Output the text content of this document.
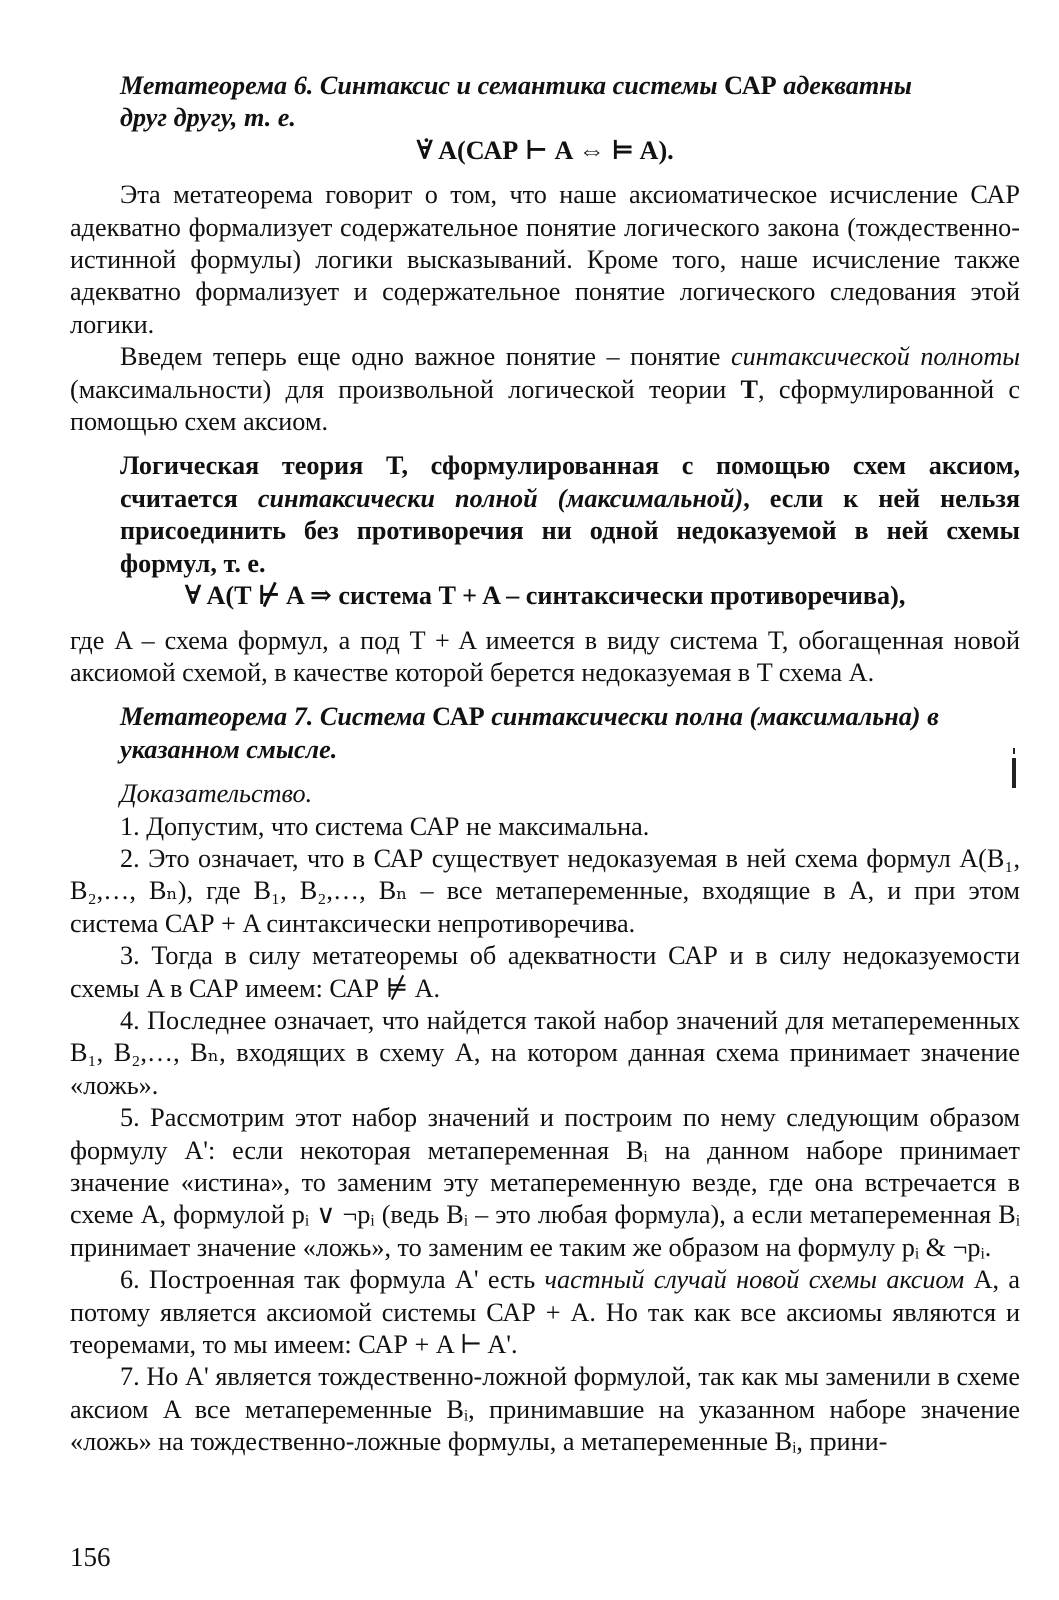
Метатеорема 6. Синтаксис и семантика системы САР адекватны
друг другу, т. е.

∀̇ A(САР ⊢ A ⇔ ⊨ A).

Эта метатеорема говорит о том, что наше аксиоматическое исчисление САР адекватно формализует содержательное понятие логического закона (тождественно-истинной формулы) логики высказываний. Кроме того, наше исчисление также адекватно формализует и содержательное понятие логического следования этой логики.

Введем теперь еще одно важное понятие – понятие синтаксической полноты (максимальности) для произвольной логической теории T, сформулированной с помощью схем аксиом.

Логическая теория T, сформулированная с помощью схем аксиом, считается синтаксически полной (максимальной), если к ней нельзя присоединить без противоречия ни одной недоказуемой в ней схемы формул, т. е.

∀ A(T ⊬ A ⇒ система T + A – синтаксически противоречива),

где A – схема формул, а под T + A имеется в виду система T, обогащенная новой аксиомой схемой, в качестве которой берется недоказуемая в T схема A.

Метатеорема 7. Система САР синтаксически полна (максимальна) в указанном смысле.

Доказательство.

1. Допустим, что система САР не максимальна.

2. Это означает, что в САР существует недоказуемая в ней схема формул A(B₁, B₂,…, Bₙ), где B₁, B₂,…, Bₙ – все метапеременные, входящие в A, и при этом система САР + A синтаксически непротиворечива.

3. Тогда в силу метатеоремы об адекватности САР и в силу недоказуемости схемы A в САР имеем: САР ⊭ A.

4. Последнее означает, что найдется такой набор значений для метапеременных B₁, B₂,…, Bₙ, входящих в схему A, на котором данная схема принимает значение «ложь».

5. Рассмотрим этот набор значений и построим по нему следующим образом формулу A': если некоторая метапеременная Bᵢ на данном наборе принимает значение «истина», то заменим эту метапеременную везде, где она встречается в схеме A, формулой pᵢ ∨ ¬pᵢ (ведь Bᵢ – это любая формула), а если метапеременная Bᵢ принимает значение «ложь», то заменим ее таким же образом на формулу pᵢ & ¬pᵢ.

6. Построенная так формула A' есть частный случай новой схемы аксиом A, а потому является аксиомой системы САР + A. Но так как все аксиомы являются и теоремами, то мы имеем: САР + A ⊢ A'.

7. Но A' является тождественно-ложной формулой, так как мы заменили в схеме аксиом A все метапеременные Bᵢ, принимавшие на указанном наборе значение «ложь» на тождественно-ложные формулы, а метапеременные Bᵢ, прини-

156
